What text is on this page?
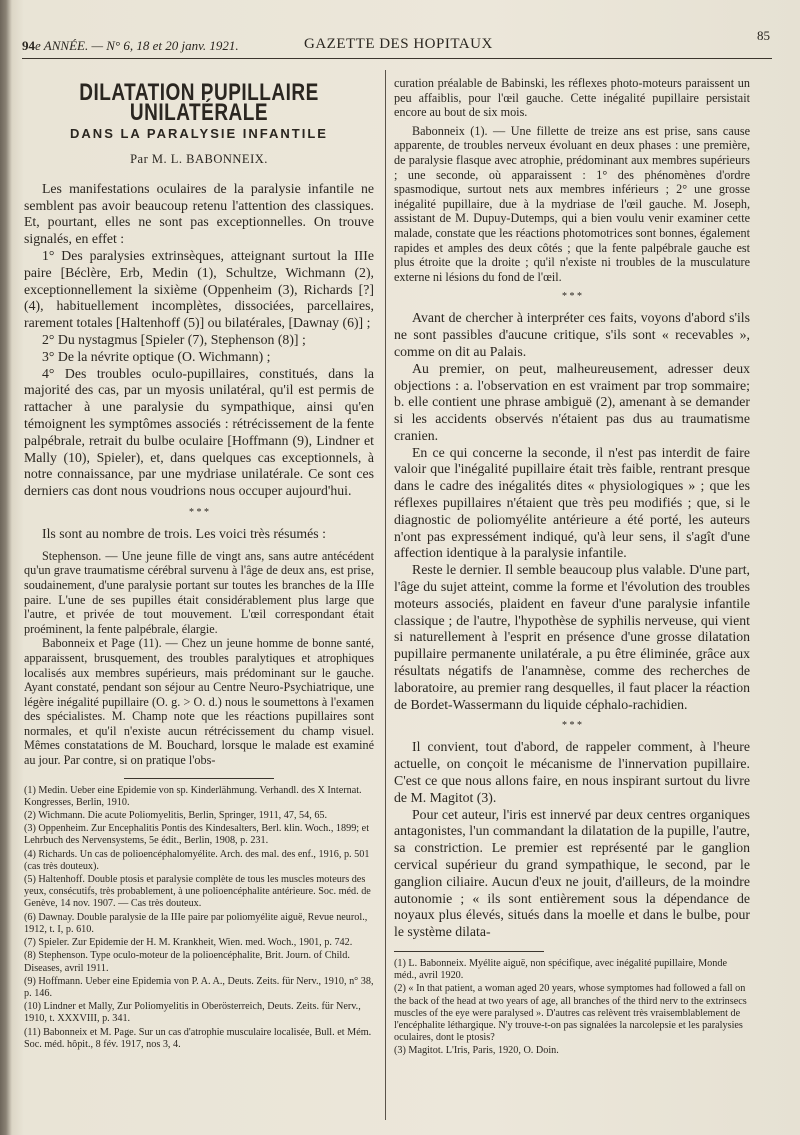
94e ANNÉE. — N° 6, 18 et 20 janv. 1921.	GAZETTE DES HOPITAUX
85
DILATATION PUPILLAIRE UNILATÉRALE
DANS LA PARALYSIE INFANTILE
Par M. L. BABONNEIX.

Les manifestations oculaires de la paralysie infantile ne semblent pas avoir beaucoup retenu l'attention des classiques. Et, pourtant, elles ne sont pas exceptionnelles. On trouve signalés, en effet :

1° Des paralysies extrinsèques, atteignant surtout la IIIe paire [Béclère, Erb, Medin (1), Schultze, Wichmann (2), exceptionnellement la sixième (Oppenheim (3), Richards [?] (4), habituellement incomplètes, dissociées, parcellaires, rarement totales [Haltenhoff (5)] ou bilatérales, [Dawnay (6)] ;

2° Du nystagmus [Spieler (7), Stephenson (8)] ;

3° De la névrite optique (O. Wichmann) ;

4° Des troubles oculo-pupillaires, constitués, dans la majorité des cas, par un myosis unilatéral, qu'il est permis de rattacher à une paralysie du sympathique, ainsi qu'en témoignent les symptômes associés : rétrécissement de la fente palpébrale, retrait du bulbe oculaire [Hoffmann (9), Lindner et Mally (10), Spieler), et, dans quelques cas exceptionnels, à notre connaissance, par une mydriase unilatérale. Ce sont ces derniers cas dont nous voudrions nous occuper aujourd'hui.

* * *

Ils sont au nombre de trois. Les voici très résumés :

Stephenson. — Une jeune fille de vingt ans, sans autre antécédent qu'un grave traumatisme cérébral survenu à l'âge de deux ans, est prise, soudainement, d'une paralysie portant sur toutes les branches de la IIIe paire. L'une de ses pupilles était considérablement plus large que l'autre, et privée de tout mouvement. L'œil correspondant était proéminent, la fente palpébrale, élargie.

Babonneix et Page (11). — Chez un jeune homme de bonne santé, apparaissent, brusquement, des troubles paralytiques et atrophiques localisés aux membres supérieurs, mais prédominant sur le gauche. Ayant constaté, pendant son séjour au Centre Neuro-Psychiatrique, une légère inégalité pupillaire (O. g. > O. d.) nous le soumettons à l'examen des spécialistes. M. Champ note que les réactions pupillaires sont normales, et qu'il n'existe aucun rétrécissement du champ visuel. Mêmes constatations de M. Bouchard, lorsque le malade est examiné au jour. Par contre, si on pratique l'obs-

(1) Medin. Ueber eine Epidemie von sp. Kinderlähmung. Verhandl. des X Internat. Kongresses, Berlin, 1910.
(2) Wichmann. Die acute Poliomyelitis, Berlin, Springer, 1911, 47, 54, 65.
(3) Oppenheim. Zur Encephalitis Pontis des Kindesalters, Berl. klin. Woch., 1899; et Lehrbuch des Nervensystems, 5e édit., Berlin, 1908, p. 231.
(4) Richards. Un cas de polioencéphalomyélite. Arch. des mal. des enf., 1916, p. 501 (cas très douteux).
(5) Haltenhoff. Double ptosis et paralysie complète de tous les muscles moteurs des yeux, consécutifs, très probablement, à une polioencéphalite antérieure. Soc. méd. de Genève, 14 nov. 1907. — Cas très douteux.
(6) Dawnay. Double paralysie de la IIIe paire par poliomyélite aiguë, Revue neurol., 1912, t. I, p. 610.
(7) Spieler. Zur Epidemie der H. M. Krankheit, Wien. med. Woch., 1901, p. 742.
(8) Stephenson. Type oculo-moteur de la polioencéphalite, Brit. Journ. of Child. Diseases, avril 1911.
(9) Hoffmann. Ueber eine Epidemia von P. A. A., Deuts. Zeits. für Nerv., 1910, n° 38, p. 146.
(10) Lindner et Mally, Zur Poliomyelitis in Oberösterreich, Deuts. Zeits. für Nerv., 1910, t. XXXVIII, p. 341.
(11) Babonneix et M. Page. Sur un cas d'atrophie musculaire localisée, Bull. et Mém. Soc. méd. hôpit., 8 fév. 1917, nos 3, 4.

curation préalable de Babinski, les réflexes photo-moteurs paraissent un peu affaiblis, pour l'œil gauche. Cette inégalité pupillaire persistait encore au bout de six mois.

Babonneix (1). — Une fillette de treize ans est prise, sans cause apparente, de troubles nerveux évoluant en deux phases : une première, de paralysie flasque avec atrophie, prédominant aux membres supérieurs ; une seconde, où apparaissent : 1° des phénomènes d'ordre spasmodique, surtout nets aux membres inférieurs ; 2° une grosse inégalité pupillaire, due à la mydriase de l'œil gauche. M. Joseph, assistant de M. Dupuy-Dutemps, qui a bien voulu venir examiner cette malade, constate que les réactions photomotrices sont bonnes, également rapides et amples des deux côtés ; que la fente palpébrale gauche est plus étroite que la droite ; qu'il n'existe ni troubles de la musculature externe ni lésions du fond de l'œil.

* * *

Avant de chercher à interpréter ces faits, voyons d'abord s'ils ne sont passibles d'aucune critique, s'ils sont « recevables », comme on dit au Palais.

Au premier, on peut, malheureusement, adresser deux objections : a. l'observation en est vraiment par trop sommaire; b. elle contient une phrase ambiguë (2), amenant à se demander si les accidents observés n'étaient pas dus au traumatisme cranien.

En ce qui concerne la seconde, il n'est pas interdit de faire valoir que l'inégalité pupillaire était très faible, rentrant presque dans le cadre des inégalités dites « physiologiques » ; que les réflexes pupillaires n'étaient que très peu modifiés ; que, si le diagnostic de poliomyélite antérieure a été porté, les auteurs n'ont pas expressément indiqué, qu'à leur sens, il s'agît d'une affection identique à la paralysie infantile.

Reste le dernier. Il semble beaucoup plus valable. D'une part, l'âge du sujet atteint, comme la forme et l'évolution des troubles moteurs associés, plaident en faveur d'une paralysie infantile classique ; de l'autre, l'hypothèse de syphilis nerveuse, qui vient si naturellement à l'esprit en présence d'une grosse dilatation pupillaire permanente unilatérale, a pu être éliminée, grâce aux résultats négatifs de l'anamnèse, comme des recherches de laboratoire, au premier rang desquelles, il faut placer la réaction de Bordet-Wassermann du liquide céphalo-rachidien.

* * *

Il convient, tout d'abord, de rappeler comment, à l'heure actuelle, on conçoit le mécanisme de l'innervation pupillaire. C'est ce que nous allons faire, en nous inspirant surtout du livre de M. Magitot (3).

Pour cet auteur, l'iris est innervé par deux centres organiques antagonistes, l'un commandant la dilatation de la pupille, l'autre, sa constriction. Le premier est représenté par le ganglion cervical supérieur du grand sympathique, le second, par le ganglion ciliaire. Aucun d'eux ne jouit, d'ailleurs, de la moindre autonomie ; « ils sont entièrement sous la dépendance de noyaux plus élevés, situés dans la moelle et dans le bulbe, pour le système dilata-

(1) L. Babonneix. Myélite aiguë, non spécifique, avec inégalité pupillaire, Monde méd., avril 1920.
(2) « In that patient, a woman aged 20 years, whose symptomes had followed a fall on the back of the head at two years of age, all branches of the third nerv to the extrinsecs muscles of the eye were paralysed ». D'autres cas relèvent très vraisemblablement de l'encéphalite léthargique. N'y trouve-t-on pas signalées la narcolepsie et les paralysies oculaires, dont le ptosis?
(3) Magitot. L'Iris, Paris, 1920, O. Doin.
